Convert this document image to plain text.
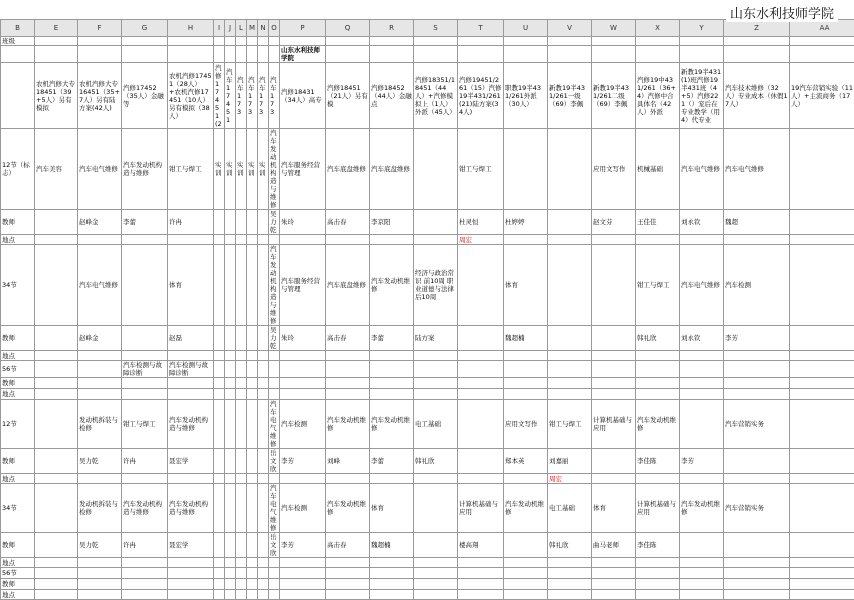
山东水利技师学院
B	E	F	G	H	I	J	L	M	N	O	P	Q	R	S	T	U	V	W	X	Y	Z	AA	
班级																							
											山东水利技师学院												
	农机汽修大专18451（39+5人）另有模拟	农机汽修大专16451（35+7人）另有陆方案(42人)	汽修17452（35人）金融等	农机汽修17451（28人）+农机汽修17451（10人）另有模拟（38人）	汽修17451(2	汽车17451	汽车173	汽车173	汽车173	汽车173	汽修18431（34人）高专	汽修18451（21人）另有模	汽修18452（44人）金融点	汽修18351/18451（44人）+汽修模拟上（1人）外派（45人）	汽修19451/261（15）汽修19半431/261(21)陆方案(34人)	职教19半431/261外派（30人）	新教19半431/261一级（69）李佩	新教19半431/261二级（69）李佩	汽修19中431/261（36+4）汽修中合具体名（42人）外派	新教19半431(1)班汽修19半431班（4+5）汽修221（）宠后在专业教学（用4）代专业	汽车技术维修（32人）专业成本（休假17人）	19汽车营销实验（11人）+主流商务（17人）	
12节（标志）	汽车美容	汽车电气维修	汽车发动机构造与维修	钳工与焊工	实训	实训	实训	实训	实训	汽车发动机构造与维修	汽车服务经营与管理	汽车底盘维修	汽车底盘维修		钳工与焊工			应用文写作	机械基础	汽车电气维修	汽车电气维修		
教师		赵峰金	李蕾	许冉						吴力乾	朱玲	高击春	李京阳		杜灵恒	杜婷婷		赵文芬	王佳佳	刘永钦	魏超		
地点															周宏								
34节		汽车电气维修		体育						汽车发动机构造与维修	汽车服务经营与管理	汽车底盘维修	汽车发动机维修	经济与政治常识 前10周 职业道德与法律 后10周		体育			钳工与焊工	汽车电气维修	汽车检测		
教师		赵峰金		赵磊						吴力乾	朱玲	高击春	李蕾	陆方案		魏超楠			韩礼欣	刘永钦	李芳		
地点																							
56节			汽车检测与故障诊断	汽车检测与故障诊断																			
教师																							
地点																							
12节		发动机拆装与检修	钳工与焊工	汽车发动机构造与维修						汽车电气维修	汽车检测	汽车发动机维修	汽车发动机维修	电工基础		应用文写作	钳工与焊工	计算机基础与应用	汽车发动机维修		汽车营销实务		
教师		吴力乾	许冉	聂宏学						岳文欣	李芳	刘峰	李蕾	韩礼欣		郑本英	刘嘉丽		李佳陈	李芳			
地点																	周宏						
34节		发动机拆装与检修	汽车发动机构造与维修	汽车发动机构造与维修						汽车电气维修	汽车检测	汽车发动机维修	体育		计算机基础与应用	汽车发动机维修	电工基础	体育	计算机基础与应用	汽车发动机维修	汽车营销实务		
教师		吴力乾	许冉	聂宏学						岳文欣	李芳	高击春	魏超楠		楼高翔		韩礼欣	曲马老师	李佳陈				
地点																							
56节																							
教师																							
地点																							
